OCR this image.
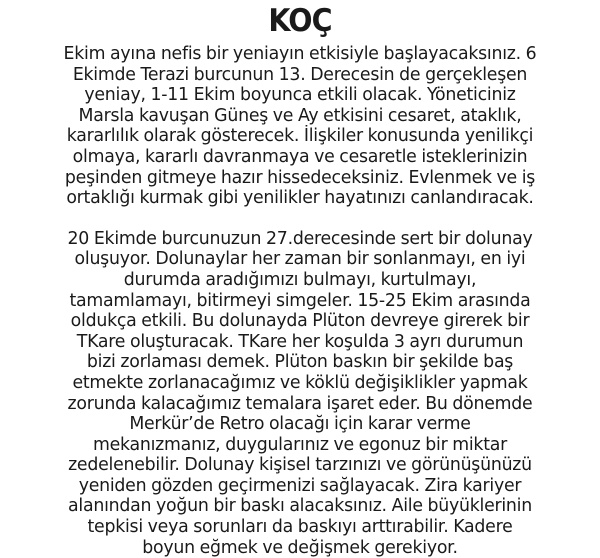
KOÇ

Ekim ayına nefis bir yeniayın etkisiyle başlayacaksınız. 6
Ekimde Terazi burcunun 13. Derecesin de gerçekleşen
yeniay, 1-11 Ekim boyunca etkili olacak. Yöneticiniz
Marsla kavuşan Güneş ve Ay etkisini cesaret, ataklık,
kararlılık olarak gösterecek. İlişkiler konusunda yenilikçi
olmaya, kararlı davranmaya ve cesaretle isteklerinizin
peşinden gitmeye hazır hissedeceksiniz. Evlenmek ve iş
ortaklığı kurmak gibi yenilikler hayatınızı canlandıracak.

20 Ekimde burcunuzun 27.derecesinde sert bir dolunay
oluşuyor. Dolunaylar her zaman bir sonlanmayı, en iyi
durumda aradığımızı bulmayı, kurtulmayı,
tamamlamayı, bitirmeyi simgeler. 15-25 Ekim arasında
oldukça etkili. Bu dolunayda Plüton devreye girerek bir
TKare oluşturacak. TKare her koşulda 3 ayrı durumun
bizi zorlaması demek. Plüton baskın bir şekilde baş
etmekte zorlanacağımız ve köklü değişiklikler yapmak
zorunda kalacağımız temalara işaret eder. Bu dönemde
Merkür’de Retro olacağı için karar verme
mekanızmanız, duygularınız ve egonuz bir miktar
zedelenebilir. Dolunay kişisel tarzınızı ve görünüşünüzü
yeniden gözden geçirmenizi sağlayacak. Zira kariyer
alanından yoğun bir baskı alacaksınız. Aile büyüklerinin
tepkisi veya sorunları da baskıyı arttırabilir. Kadere
boyun eğmek ve değişmek gerekiyor.
